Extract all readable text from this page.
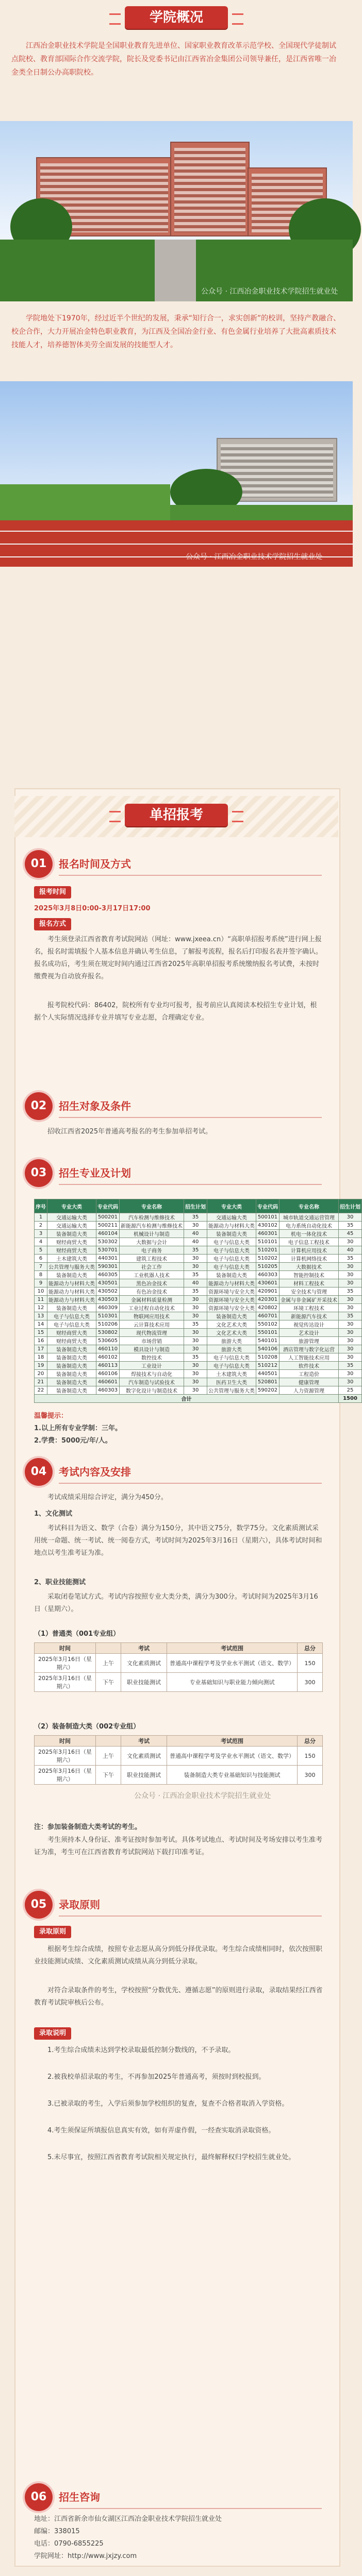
学院概况
江西冶金职业技术学院是全国职业教育先进单位、国家职业教育改革示范学校、全国现代学徒制试点院校、教育部国际合作交流学院，院长及党委书记由江西省冶金集团公司领导兼任，是江西省唯一冶金类全日制公办高职院校。
公众号 · 江西冶金职业技术学院招生就业处
学院地处下1970年，经过近半个世纪的发展，秉承“知行合一，求实创新”的校训，坚持产教融合、校企合作，大力开展冶金特色职业教育，为江西及全国冶金行业、有色金属行业培养了大批高素质技术技能人才，培养德智体美劳全面发展的技能型人才。
公众号 · 江西冶金职业技术学院招生就业处
单招报考
01	报名时间及方式
报考时间
2025年3月8日0:00-3月17日17:00
报名方式
考生须登录江西省教育考试院网站（网址：www.jxeea.cn）“高职单招报考系统”进行网上报名，报名时需填报个人基本信息并确认考生信息，了解报考流程，报名后打印报名表并签字确认。报名成功后，考生须在规定时间内通过江西省2025年高职单招报考系统缴纳报名考试费，未按时缴费视为自动放弃报名。
报考院校代码：86402，院校所有专业均可报考，报考前应认真阅读本校招生专业计划，根据个人实际情况选择专业并填写专业志愿，合理确定专业。
02	招生对象及条件
招收江西省2025年普通高考报名的考生参加单招考试。
03	招生专业及计划
序号	专业大类	专业代码	专业名称	招生计划	专业大类	专业代码	专业名称	招生计划
1	交通运输大类	500201	汽车检测与维修技术	35	交通运输大类	500101	城市轨道交通运营管理	30
2	交通运输大类	500211	新能源汽车检测与维修技术	30	能源动力与材料大类	430102	电力系统自动化技术	35
3	装备制造大类	460104	机械设计与制造	40	装备制造大类	460301	机电一体化技术	45
4	财经商贸大类	530302	大数据与会计	40	电子与信息大类	510101	电子信息工程技术	30
5	财经商贸大类	530701	电子商务	35	电子与信息大类	510201	计算机应用技术	40
6	土木建筑大类	440301	建筑工程技术	30	电子与信息大类	510202	计算机网络技术	35
7	公共管理与服务大类	590301	社会工作	30	电子与信息大类	510205	大数据技术	30
8	装备制造大类	460305	工业机器人技术	35	装备制造大类	460303	智能控制技术	30
9	能源动力与材料大类	430501	黑色冶金技术	40	能源动力与材料大类	430601	材料工程技术	30
10	能源动力与材料大类	430502	有色冶金技术	35	资源环境与安全大类	420901	安全技术与管理	35
11	能源动力与材料大类	430503	金属材料质量检测	30	资源环境与安全大类	420301	金属与非金属矿开采技术	30
12	装备制造大类	460309	工业过程自动化技术	30	资源环境与安全大类	420802	环境工程技术	30
13	电子与信息大类	510301	物联网应用技术	30	装备制造大类	460701	新能源汽车技术	35
14	电子与信息大类	510206	云计算技术应用	35	文化艺术大类	550102	视觉传达设计	30
15	财经商贸大类	530802	现代物流管理	30	文化艺术大类	550101	艺术设计	30
16	财经商贸大类	530605	市场营销	30	旅游大类	540101	旅游管理	30
17	装备制造大类	460110	模具设计与制造	30	旅游大类	540106	酒店管理与数字化运营	30
18	装备制造大类	460102	数控技术	35	电子与信息大类	510208	人工智能技术应用	30
19	装备制造大类	460113	工业设计	30	电子与信息大类	510212	软件技术	35
20	装备制造大类	460106	焊接技术与自动化	30	土木建筑大类	440501	工程造价	30
21	装备制造大类	460601	汽车制造与试验技术	30	医药卫生大类	520801	健康管理	30
22	装备制造大类	460303	数字化设计与制造技术	30	公共管理与服务大类	590202	人力资源管理	25
合计								1500
温馨提示：
1.以上所有专业学制：三年。
2.学费：5000元/年/人。
04	考试内容及安排
考试成绩采用综合评定，满分为450分。
1、文化测试
考试科目为语文、数学（合卷）满分为150分，其中语文75分，数学75分。文化素质测试采用统一命题、统一考试、统一阅卷方式，考试时间为2025年3月16日（星期六），具体考试时间和地点以考生准考证为准。
2、职业技能测试
采取闭卷笔试方式。考试内容按照专业大类分类，满分为300分。考试时间为2025年3月16日（星期六）。
（1）普通类（001专业组）
时间		考试	考试范围	总分
2025年3月16日（星期六）	上午	文化素质测试	普通高中课程学考及学业水平测试（语文、数学）	150
2025年3月16日（星期六）	下午	职业技能测试	专业基础知识与职业能力倾向测试	300
（2）装备制造大类（002专业组）
时间		考试	考试范围	总分
2025年3月16日（星期六）	上午	文化素质测试	普通高中课程学考及学业水平测试（语文、数学）	150
2025年3月16日（星期六）	下午	职业技能测试	装备制造大类专业基础知识与技能测试	300
公众号 · 江西冶金职业技术学院招生就业处
注：参加装备制造大类考试的考生。
考生须持本人身份证、准考证按时参加考试。具体考试地点、考试时间及考场安排以考生准考证为准，考生可在江西省教育考试院网站下载打印准考证。
05	录取原则
录取原则
根据考生综合成绩，按照专业志愿从高分到低分择优录取。考生综合成绩相同时，依次按照职业技能测试成绩、文化素质测试成绩从高分到低分录取。
对符合录取条件的考生，学校按照“分数优先、遵循志愿”的原则进行录取，录取结果经江西省教育考试院审核后公布。
录取说明
1.考生综合成绩未达到学校录取最低控制分数线的，不予录取。
2.被我校单招录取的考生，不再参加2025年普通高考，须按时到校报到。
3.已被录取的考生，入学后须参加学校组织的复查，复查不合格者取消入学资格。
4.考生须保证所填报信息真实有效，如有弄虚作假，一经查实取消录取资格。
5.未尽事宜，按照江西省教育考试院相关规定执行，最终解释权归学校招生就业处。
06	招生咨询
地址：江西省新余市仙女湖区江西冶金职业技术学院招生就业处
邮编：338015
电话：0790-6855225
学院网址：http://www.jxjzy.com
